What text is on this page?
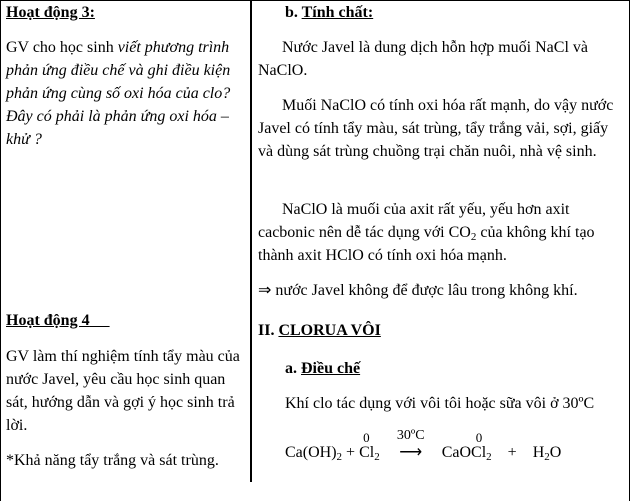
Hoạt động 3:

GV cho học sinh viết phương trình phản ứng điều chế và ghi điều kiện phản ứng cùng số oxi hóa của clo? Đây có phải là phản ứng oxi hóa – khử ?

Hoạt động 4

GV làm thí nghiệm tính tẩy màu của nước Javel, yêu cầu học sinh quan sát, hướng dẫn và gợi ý học sinh trả lời.

*Khả năng tẩy trắng và sát trùng.

b. Tính chất:

Nước Javel là dung dịch hỗn hợp muối NaCl và NaClO.

Muối NaClO có tính oxi hóa rất mạnh, do vậy nước Javel có tính tẩy màu, sát trùng, tẩy trắng vải, sợi, giấy và dùng sát trùng chuồng trại chăn nuôi, nhà vệ sinh.

NaClO là muối của axit rất yếu, yếu hơn axit cacbonic nên dễ tác dụng với $CO_2$ của không khí tạo thành axit HClO có tính oxi hóa mạnh.

⇒ nước Javel không để được lâu trong không khí.

II. CLORUA VÔI
a. Điều chế

Khí clo tác dụng với vôi tôi hoặc sữa vôi ở 30ºC

$Ca(OH)_2$ +
0
$Cl_2$
30ºC
⟶ CaOCl
0
$_2 + H_2O$
